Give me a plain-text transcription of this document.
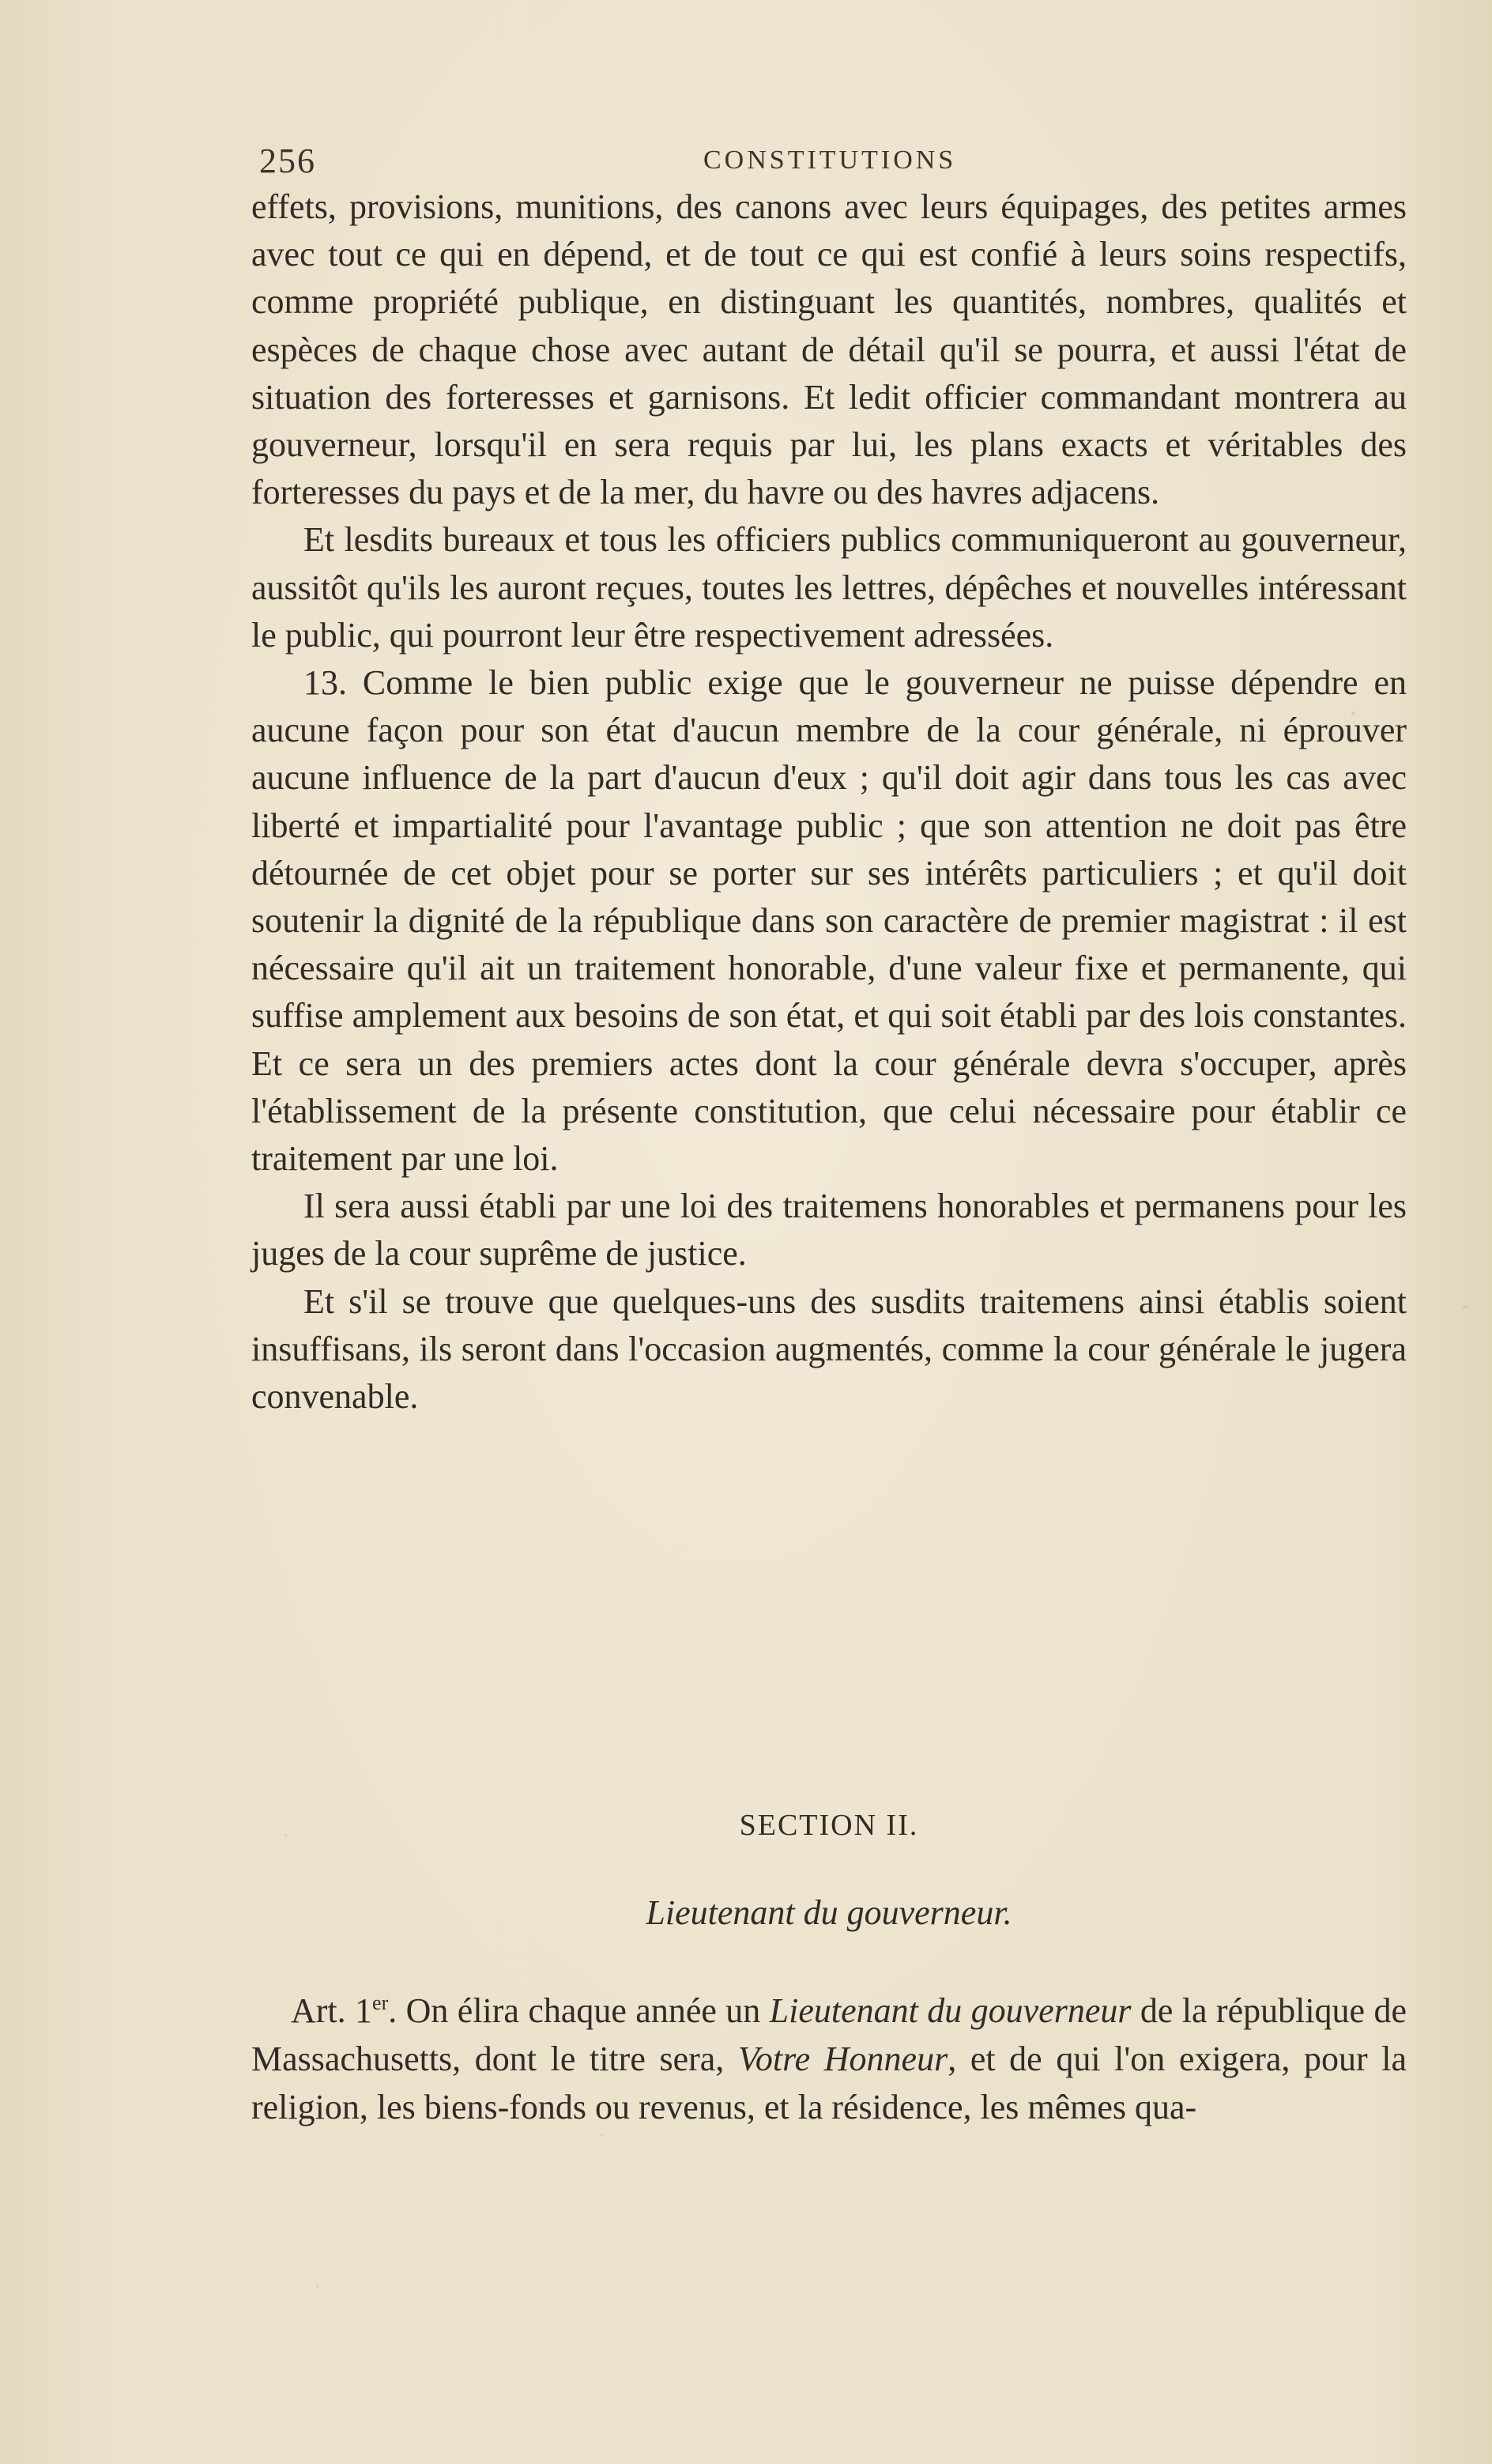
256	CONSTITUTIONS

effets, provisions, munitions, des canons avec leurs équipages, des petites armes avec tout ce qui en dépend, et de tout ce qui est confié à leurs soins respectifs, comme propriété publique, en distinguant les quantités, nombres, qualités et espèces de chaque chose avec autant de détail qu'il se pourra, et aussi l'état de situation des forteresses et garnisons. Et ledit officier commandant montrera au gouverneur, lorsqu'il en sera requis par lui, les plans exacts et véritables des forteresses du pays et de la mer, du havre ou des havres adjacens.

Et lesdits bureaux et tous les officiers publics communiqueront au gouverneur, aussitôt qu'ils les auront reçues, toutes les lettres, dépêches et nouvelles intéressant le public, qui pourront leur être respectivement adressées.

13. Comme le bien public exige que le gouverneur ne puisse dépendre en aucune façon pour son état d'aucun membre de la cour générale, ni éprouver aucune influence de la part d'aucun d'eux ; qu'il doit agir dans tous les cas avec liberté et impartialité pour l'avantage public ; que son attention ne doit pas être détournée de cet objet pour se porter sur ses intérêts particuliers ; et qu'il doit soutenir la dignité de la république dans son caractère de premier magistrat : il est nécessaire qu'il ait un traitement honorable, d'une valeur fixe et permanente, qui suffise amplement aux besoins de son état, et qui soit établi par des lois constantes. Et ce sera un des premiers actes dont la cour générale devra s'occuper, après l'établissement de la présente constitution, que celui nécessaire pour établir ce traitement par une loi.

Il sera aussi établi par une loi des traitemens honorables et permanens pour les juges de la cour suprême de justice.

Et s'il se trouve que quelques-uns des susdits traitemens ainsi établis soient insuffisans, ils seront dans l'occasion augmentés, comme la cour générale le jugera convenable.

SECTION II.
Lieutenant du gouverneur.

Art. 1er. On élira chaque année un Lieutenant du gouverneur de la république de Massachusetts, dont le titre sera, Votre Honneur, et de qui l'on exigera, pour la religion, les biens-fonds ou revenus, et la résidence, les mêmes qua-
